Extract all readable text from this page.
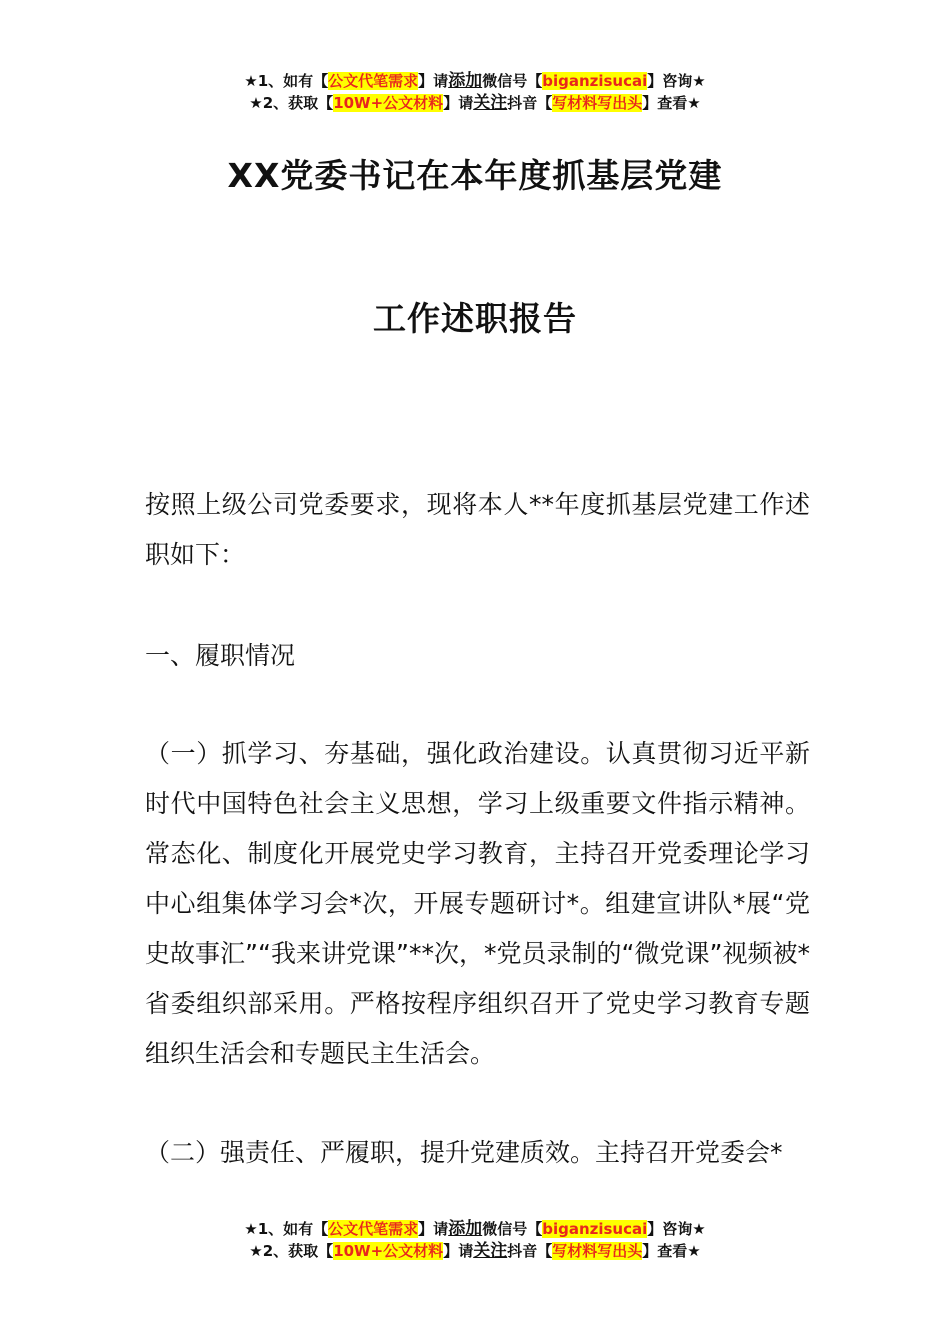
★1、如有【公文代笔需求】请添加微信号【biganzisucai】咨询★
★2、获取【10W+公文材料】请关注抖音【写材料写出头】查看★
XX党委书记在本年度抓基层党建
工作述职报告
按照上级公司党委要求，现将本人**年度抓基层党建工作述职如下：
一、履职情况
（一）抓学习、夯基础，强化政治建设。认真贯彻习近平新时代中国特色社会主义思想，学习上级重要文件指示精神。常态化、制度化开展党史学习教育，主持召开党委理论学习中心组集体学习会*次，开展专题研讨*。组建宣讲队*展“党史故事汇”“我来讲党课”**次，*党员录制的“微党课”视频被*省委组织部采用。严格按程序组织召开了党史学习教育专题组织生活会和专题民主生活会。
（二）强责任、严履职，提升党建质效。主持召开党委会*
★1、如有【公文代笔需求】请添加微信号【biganzisucai】咨询★
★2、获取【10W+公文材料】请关注抖音【写材料写出头】查看★
